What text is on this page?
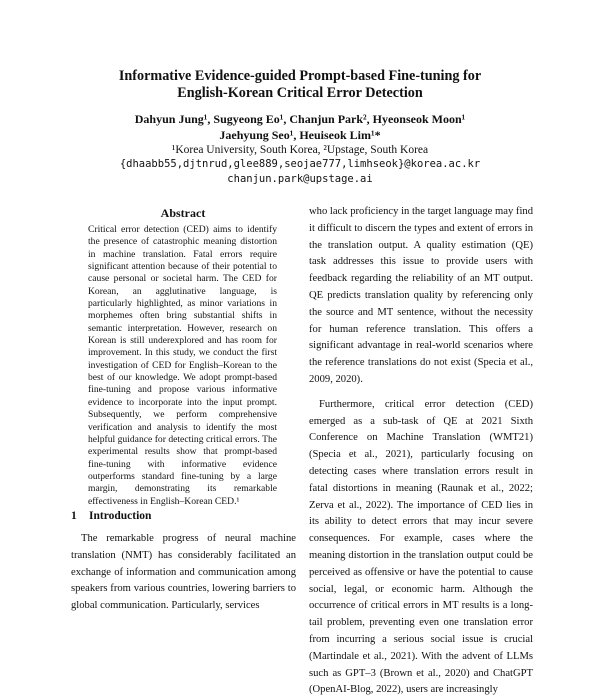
Informative Evidence-guided Prompt-based Fine-tuning for
English-Korean Critical Error Detection
Dahyun Jung¹, Sugyeong Eo¹, Chanjun Park², Hyeonseok Moon¹
Jaehyung Seo¹, Heuiseok Lim¹*
¹Korea University, South Korea, ²Upstage, South Korea
{dhaabb55,djtnrud,glee889,seojae777,limhseok}@korea.ac.kr
chanjun.park@upstage.ai
Abstract
Critical error detection (CED) aims to identify the presence of catastrophic meaning distortion in machine translation. Fatal errors require significant attention because of their potential to cause personal or societal harm. The CED for Korean, an agglutinative language, is particularly highlighted, as minor variations in morphemes often bring substantial shifts in semantic interpretation. However, research on Korean is still underexplored and has room for improvement. In this study, we conduct the first investigation of CED for English–Korean to the best of our knowledge. We adopt prompt-based fine-tuning and propose various informative evidence to incorporate into the input prompt. Subsequently, we perform comprehensive verification and analysis to identify the most helpful guidance for detecting critical errors. The experimental results show that prompt-based fine-tuning with informative evidence outperforms standard fine-tuning by a large margin, demonstrating its remarkable effectiveness in English–Korean CED.¹
1 Introduction

The remarkable progress of neural machine translation (NMT) has considerably facilitated an exchange of information and communication among speakers from various countries, lowering barriers to global communication. Particularly, services

who lack proficiency in the target language may find it difficult to discern the types and extent of errors in the translation output. A quality estimation (QE) task addresses this issue to provide users with feedback regarding the reliability of an MT output. QE predicts translation quality by referencing only the source and MT sentence, without the necessity for human reference translation. This offers a significant advantage in real-world scenarios where the reference translations do not exist (Specia et al., 2009, 2020).

Furthermore, critical error detection (CED) emerged as a sub-task of QE at 2021 Sixth Conference on Machine Translation (WMT21) (Specia et al., 2021), particularly focusing on detecting cases where translation errors result in fatal distortions in meaning (Raunak et al., 2022; Zerva et al., 2022). The importance of CED lies in its ability to detect errors that may incur severe consequences. For example, cases where the meaning distortion in the translation output could be perceived as offensive or have the potential to cause social, legal, or economic harm. Although the occurrence of critical errors in MT results is a long-tail problem, preventing even one translation error from incurring a serious social issue is crucial (Martindale et al., 2021). With the advent of LLMs such as GPT–3 (Brown et al., 2020) and ChatGPT (OpenAI-Blog, 2022), users are increasingly
